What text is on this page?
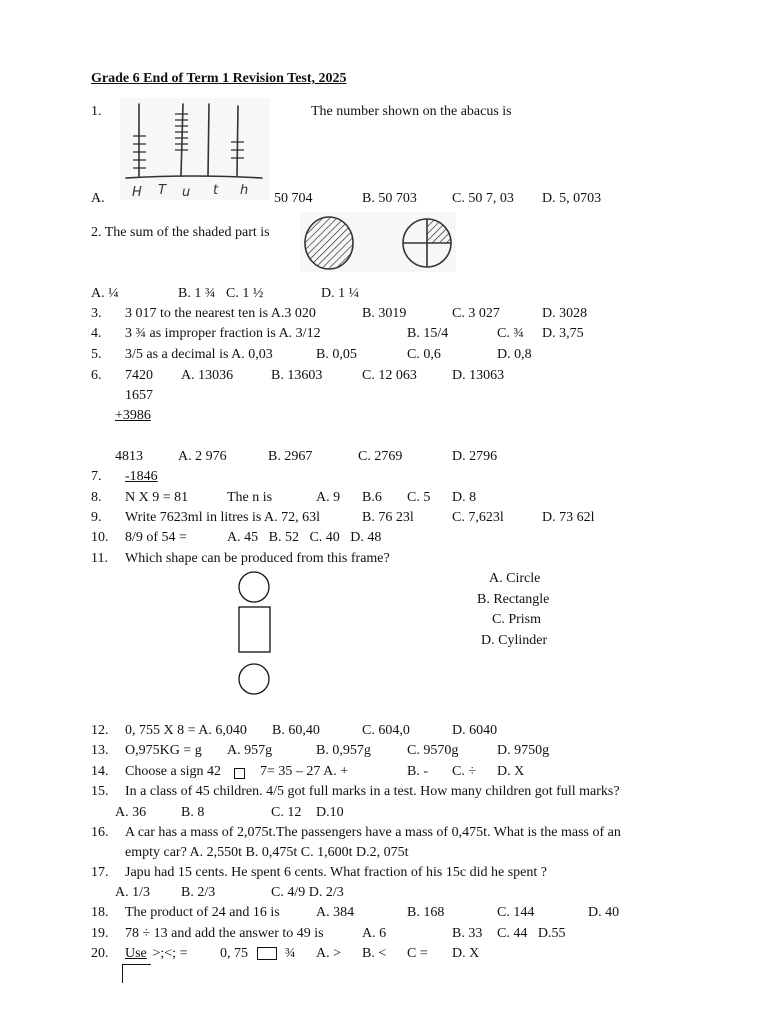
Grade 6 End of Term 1 Revision Test, 2025
1.
H T u t h
The number shown on the abacus is
A.	50 704	B. 50 703	C. 50 7, 03 D. 5, 0703
2. The sum of the shaded part is
A. ¼	B. 1 ¾ C. 1 ½	D. 1 ¼
3. 3 017 to the nearest ten is A.3 020	B. 3019	C. 3 027	D. 3028
4. 3 ¾ as improper fraction is A. 3/12	B. 15/4	C. ¾ D. 3,75
5. 3/5 as a decimal is A. 0,03	B. 0,05	C. 0,6	D. 0,8
6. 7420 A. 13036	B. 13603	C. 12 063	D. 13063
1657
+3986
4813	A. 2 976	B. 2967	C. 2769	D. 2796
7. -1846
8. N X 9 = 81	The n is	A. 9 B.6 C. 5 D. 8
9. Write 7623ml in litres is A. 72, 63l	B. 76 23l	C. 7,623l	D. 73 62l
10. 8/9 of 54 =	A. 45   B. 52   C. 40   D. 48
11. Which shape can be produced from this frame?
A. Circle
B. Rectangle
C. Prism
D. Cylinder
12. 0, 755 X 8 = A. 6,040 B. 60,40	C. 604,0	D. 6040
13. O,975KG = g A. 957g	B. 0,957g	C. 9570g	D. 9750g
14. Choose a sign 42	7= 35 – 27 A. +	B. - C. ÷ D. X
15. In a class of 45 children. 4/5 got full marks in a test. How many children got full marks?
A. 36 B. 8	C. 12 D.10
16. A car has a mass of 2,075t.The passengers have a mass of 0,475t. What is the mass of an
empty car? A. 2,550t B. 0,475t C. 1,600t D.2, 075t
17. Japu had 15 cents. He spent 6 cents. What fraction of his 15c did he spent ?
A. 1/3 B. 2/3	C. 4/9 D. 2/3
18. The product of 24 and 16 is	A. 384	B. 168	C. 144	D. 40
19. 78 ÷ 13 and add the answer to 49 is	A. 6	B. 33 C. 44   D.55
20. Use >;<; = 0, 75	¾ A. > B. < C = D. X
